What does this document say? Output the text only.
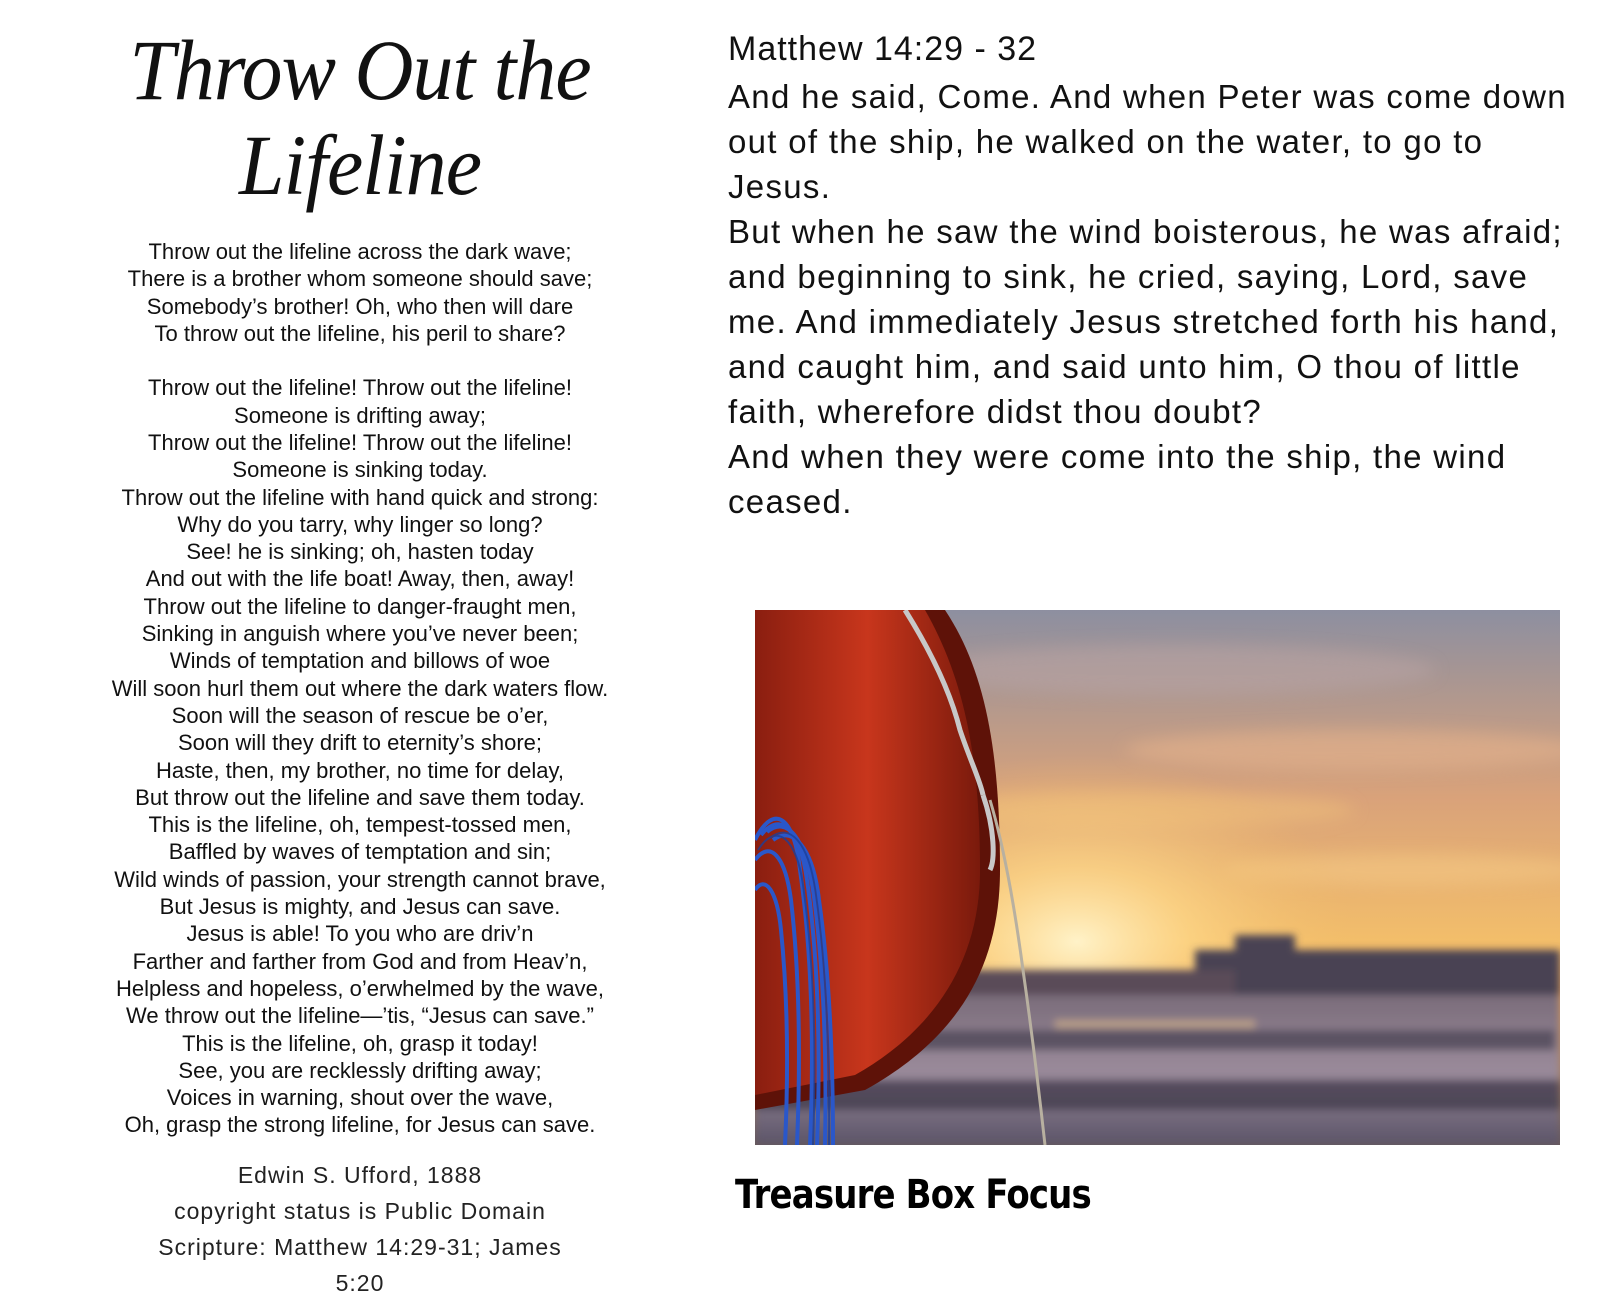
Throw Out the Lifeline
Throw out the lifeline across the dark wave;
There is a brother whom someone should save;
Somebody’s brother! Oh, who then will dare
To throw out the lifeline, his peril to share?
Throw out the lifeline! Throw out the lifeline!
Someone is drifting away;
Throw out the lifeline! Throw out the lifeline!
Someone is sinking today.
Throw out the lifeline with hand quick and strong:
Why do you tarry, why linger so long?
See! he is sinking; oh, hasten today
And out with the life boat! Away, then, away!
Throw out the lifeline to danger-fraught men,
Sinking in anguish where you’ve never been;
Winds of temptation and billows of woe
Will soon hurl them out where the dark waters flow.
Soon will the season of rescue be o’er,
Soon will they drift to eternity’s shore;
Haste, then, my brother, no time for delay,
But throw out the lifeline and save them today.
This is the lifeline, oh, tempest-tossed men,
Baffled by waves of temptation and sin;
Wild winds of passion, your strength cannot brave,
But Jesus is mighty, and Jesus can save.
Jesus is able! To you who are driv’n
Farther and farther from God and from Heav’n,
Helpless and hopeless, o’erwhelmed by the wave,
We throw out the lifeline—’tis, “Jesus can save.”
This is the lifeline, oh, grasp it today!
See, you are recklessly drifting away;
Voices in warning, shout over the wave,
Oh, grasp the strong lifeline, for Jesus can save.
Edwin S. Ufford, 1888
copyright status is Public Domain
Scripture: Matthew 14:29-31; James 5:20
Matthew 14:29 - 32

And he said, Come. And when Peter was come down out of the ship, he walked on the water, to go to Jesus.

But when he saw the wind boisterous, he was afraid; and beginning to sink, he cried, saying, Lord, save me. And immediately Jesus stretched forth his hand, and caught him, and said unto him, O thou of little faith, wherefore didst thou doubt?

And when they were come into the ship, the wind ceased.

Treasure Box Focus
